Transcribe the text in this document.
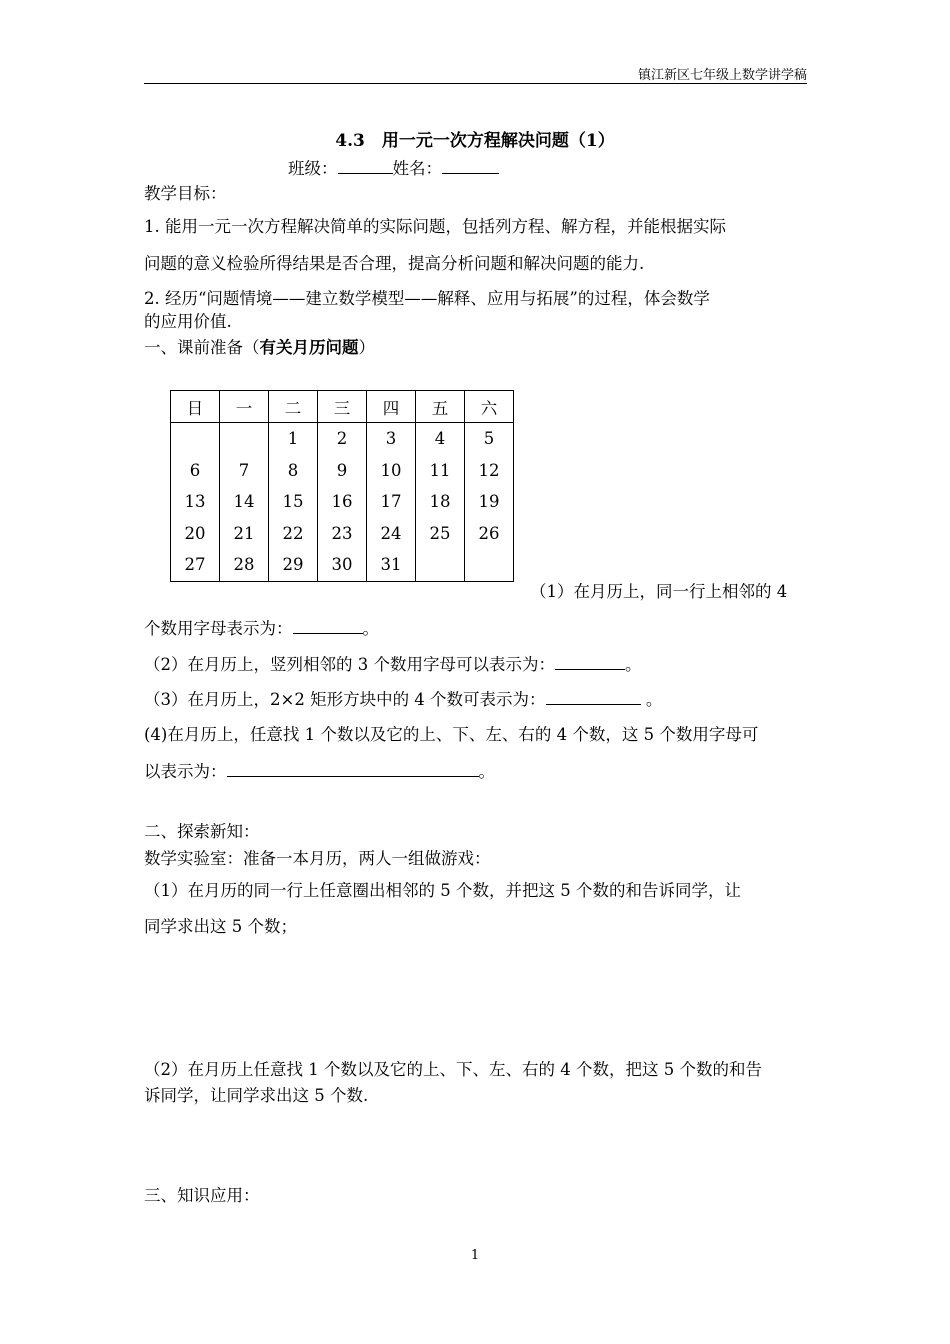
镇江新区七年级上数学讲学稿
4.3　用一元一次方程解决问题（1）
班级：	姓名：
教学目标：
1. 能用一元一次方程解决简单的实际问题，包括列方程、解方程，并能根据实际
问题的意义检验所得结果是否合理，提高分析问题和解决问题的能力.
2. 经历“问题情境——建立数学模型——解释、应用与拓展”的过程，体会数学
的应用价值.
一、课前准备（有关月历问题）
日	一	二	三	四	五	六
		1	2	3	4	5
6	7	8	9	10	11	12
13	14	15	16	17	18	19
20	21	22	23	24	25	26
27	28	29	30	31		
（1）在月历上，同一行上相邻的 4
个数用字母表示为：	。
（2）在月历上，竖列相邻的 3 个数用字母可以表示为：	。
（3）在月历上，2×2 矩形方块中的 4 个数可表示为：	。
(4)在月历上，任意找 1 个数以及它的上、下、左、右的 4 个数，这 5 个数用字母可
以表示为：	。
二、探索新知：
数学实验室：准备一本月历，两人一组做游戏：
（1）在月历的同一行上任意圈出相邻的 5 个数，并把这 5 个数的和告诉同学，让
同学求出这 5 个数；
（2）在月历上任意找 1 个数以及它的上、下、左、右的 4 个数，把这 5 个数的和告
诉同学，让同学求出这 5 个数.
三、知识应用：
1
